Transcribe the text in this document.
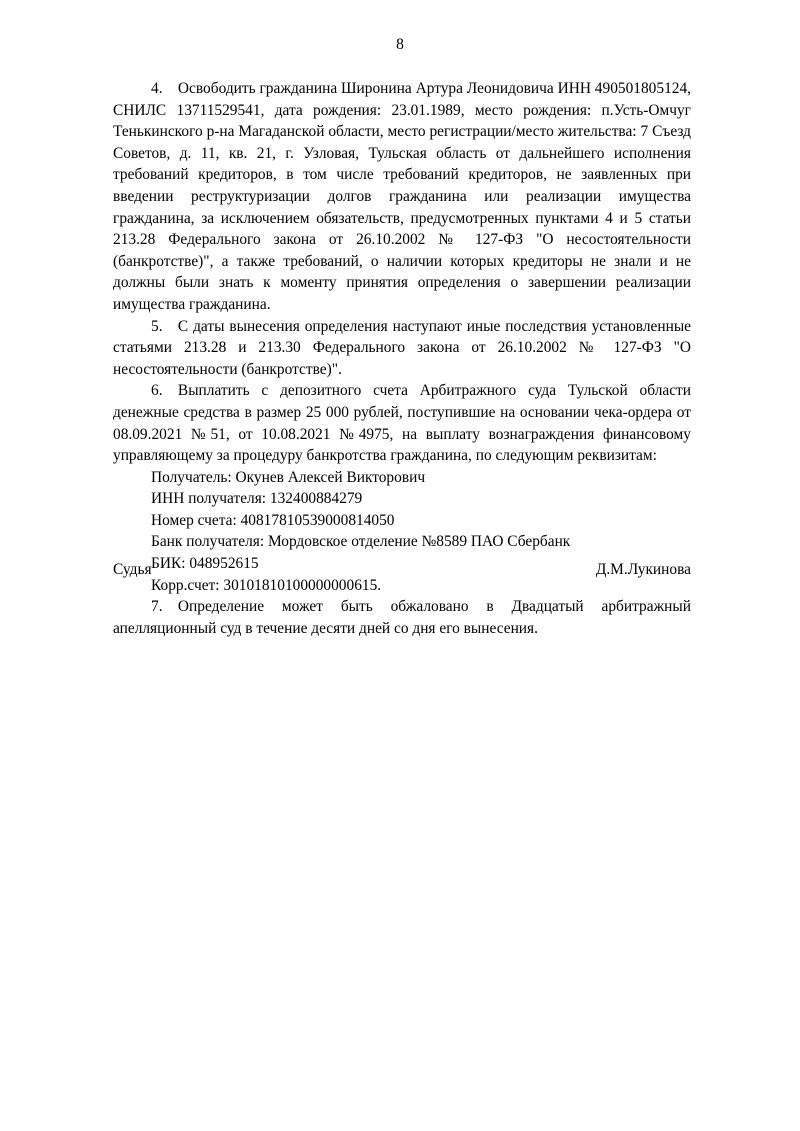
8

4. Освободить гражданина Широнина Артура Леонидовича ИНН 490501805124, СНИЛС 13711529541, дата рождения: 23.01.1989, место рождения: п.Усть-Омчуг Тенькинского р-на Магаданской области, место регистрации/место жительства: 7 Съезд Советов, д. 11, кв. 21, г. Узловая, Тульская область от дальнейшего исполнения требований кредиторов, в том числе требований кредиторов, не заявленных при введении реструктуризации долгов гражданина или реализации имущества гражданина, за исключением обязательств, предусмотренных пунктами 4 и 5 статьи 213.28 Федерального закона от 26.10.2002 № 127-ФЗ "О несостоятельности (банкротстве)", а также требований, о наличии которых кредиторы не знали и не должны были знать к моменту принятия определения о завершении реализации имущества гражданина.

5. С даты вынесения определения наступают иные последствия установленные статьями 213.28 и 213.30 Федерального закона от 26.10.2002 № 127-ФЗ "О несостоятельности (банкротстве)".

6. Выплатить с депозитного счета Арбитражного суда Тульской области денежные средства в размер 25 000 рублей, поступившие на основании чека-ордера от 08.09.2021 №51, от 10.08.2021 №4975, на выплату вознаграждения финансовому управляющему за процедуру банкротства гражданина, по следующим реквизитам:

Получатель: Окунев Алексей Викторович
ИНН получателя: 132400884279
Номер счета: 40817810539000814050
Банк получателя: Мордовское отделение №8589 ПАО Сбербанк
БИК: 048952615
Корр.счет: 30101810100000000615.

7. Определение может быть обжаловано в Двадцатый арбитражный апелляционный суд в течение десяти дней со дня его вынесения.

Судья	Д.М.Лукинова
